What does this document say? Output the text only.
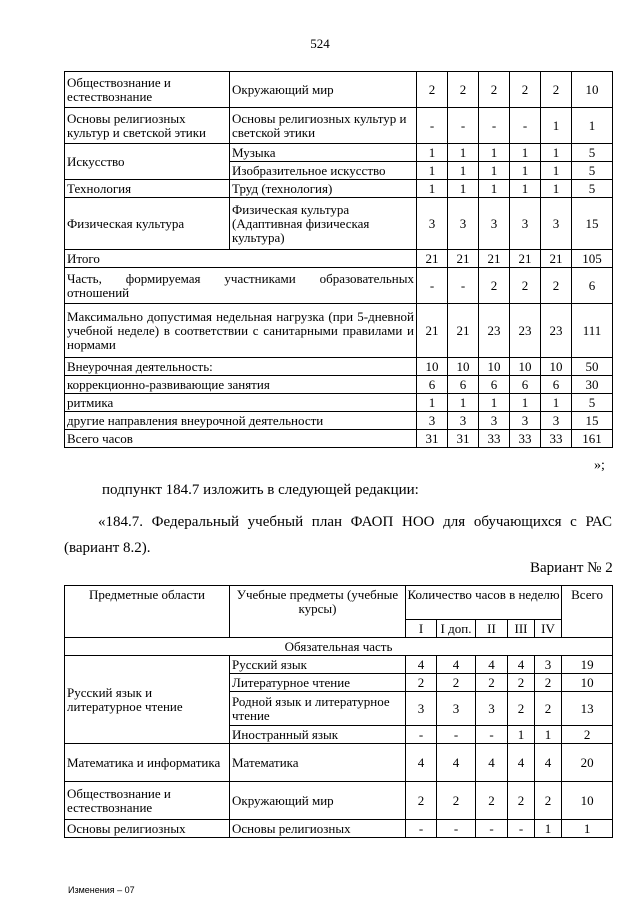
524
Обществознание и естествознание	Окружающий мир	2	2	2	2	2	10
Основы религиозных культур и светской этики	Основы религиозных культур и светской этики	-	-	-	-	1	1
Искусство	Музыка	1	1	1	1	1	5
	Изобразительное искусство	1	1	1	1	1	5
Технология	Труд (технология)	1	1	1	1	1	5
Физическая культура	Физическая культура (Адаптивная физическая культура)	3	3	3	3	3	15
Итого		21	21	21	21	21	105
Часть, формируемая участниками образовательных отношений		-	-	2	2	2	6
Максимально допустимая недельная нагрузка (при 5-дневной учебной неделе) в соответствии с санитарными правилами и нормами		21	21	23	23	23	111
Внеурочная деятельность:		10	10	10	10	10	50
коррекционно-развивающие занятия		6	6	6	6	6	30
ритмика		1	1	1	1	1	5
другие направления внеурочной деятельности		3	3	3	3	3	15
Всего часов		31	31	33	33	33	161
»;
подпункт 184.7 изложить в следующей редакции:
«184.7. Федеральный учебный план ФАОП НОО для обучающихся с РАС (вариант 8.2).
Вариант № 2
Предметные области	Учебные предметы (учебные курсы)	Количество часов в неделю					Всего
		I	I доп.	II	III	IV	
Обязательная часть							
Русский язык и литературное чтение	Русский язык	4	4	4	4	3	19
	Литературное чтение	2	2	2	2	2	10
	Родной язык и литературное чтение	3	3	3	2	2	13
	Иностранный язык	-	-	-	1	1	2
Математика и информатика	Математика	4	4	4	4	4	20
Обществознание и естествознание	Окружающий мир	2	2	2	2	2	10
Основы религиозных	Основы религиозных	-	-	-	-	1	1
Изменения – 07
